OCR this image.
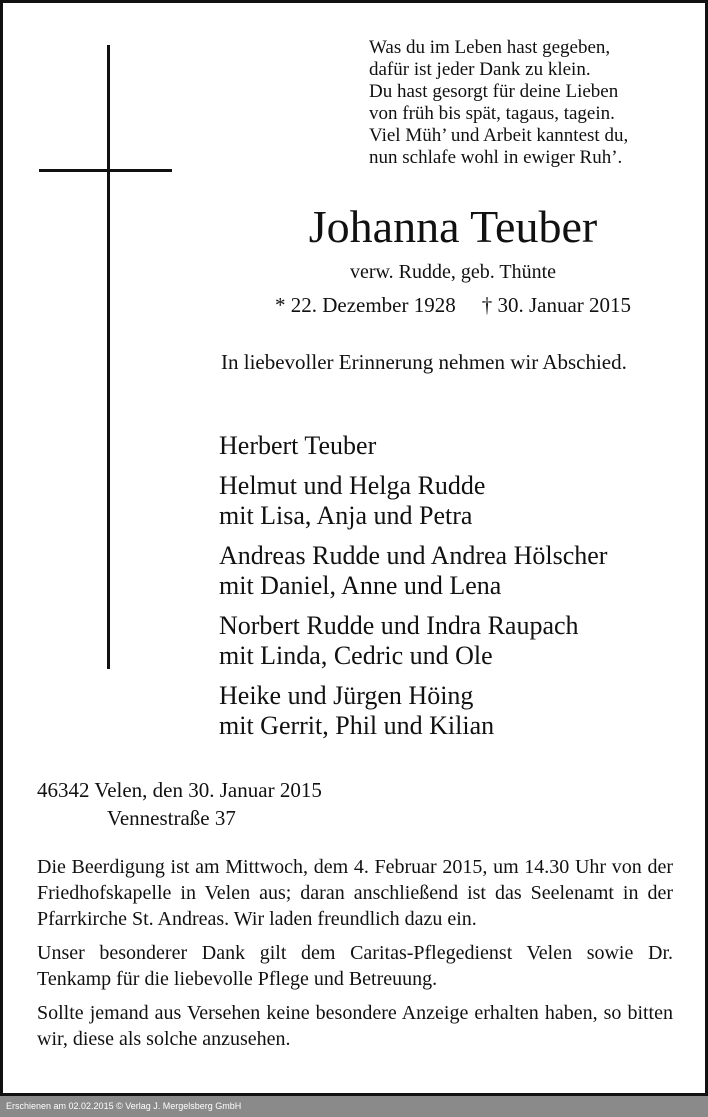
Was du im Leben hast gegeben,
dafür ist jeder Dank zu klein.
Du hast gesorgt für deine Lieben
von früh bis spät, tagaus, tagein.
Viel Müh’ und Arbeit kanntest du,
nun schlafe wohl in ewiger Ruh’.
Johanna Teuber
verw. Rudde, geb. Thünte
* 22. Dezember 1928 † 30. Januar 2015
In liebevoller Erinnerung nehmen wir Abschied.
Herbert Teuber
Helmut und Helga Rudde
mit Lisa, Anja und Petra
Andreas Rudde und Andrea Hölscher
mit Daniel, Anne und Lena
Norbert Rudde und Indra Raupach
mit Linda, Cedric und Ole
Heike und Jürgen Höing
mit Gerrit, Phil und Kilian
46342 Velen, den 30. Januar 2015
Vennestraße 37

Die Beerdigung ist am Mittwoch, dem 4. Februar 2015, um 14.30 Uhr von der Friedhofskapelle in Velen aus; daran anschließend ist das Seelenamt in der Pfarrkirche St. Andreas. Wir laden freundlich dazu ein.

Unser besonderer Dank gilt dem Caritas-Pflegedienst Velen sowie Dr. Tenkamp für die liebevolle Pflege und Betreuung.

Sollte jemand aus Versehen keine besondere Anzeige erhalten haben, so bitten wir, diese als solche anzusehen.

Erschienen am 02.02.2015 © Verlag J. Mergelsberg GmbH
